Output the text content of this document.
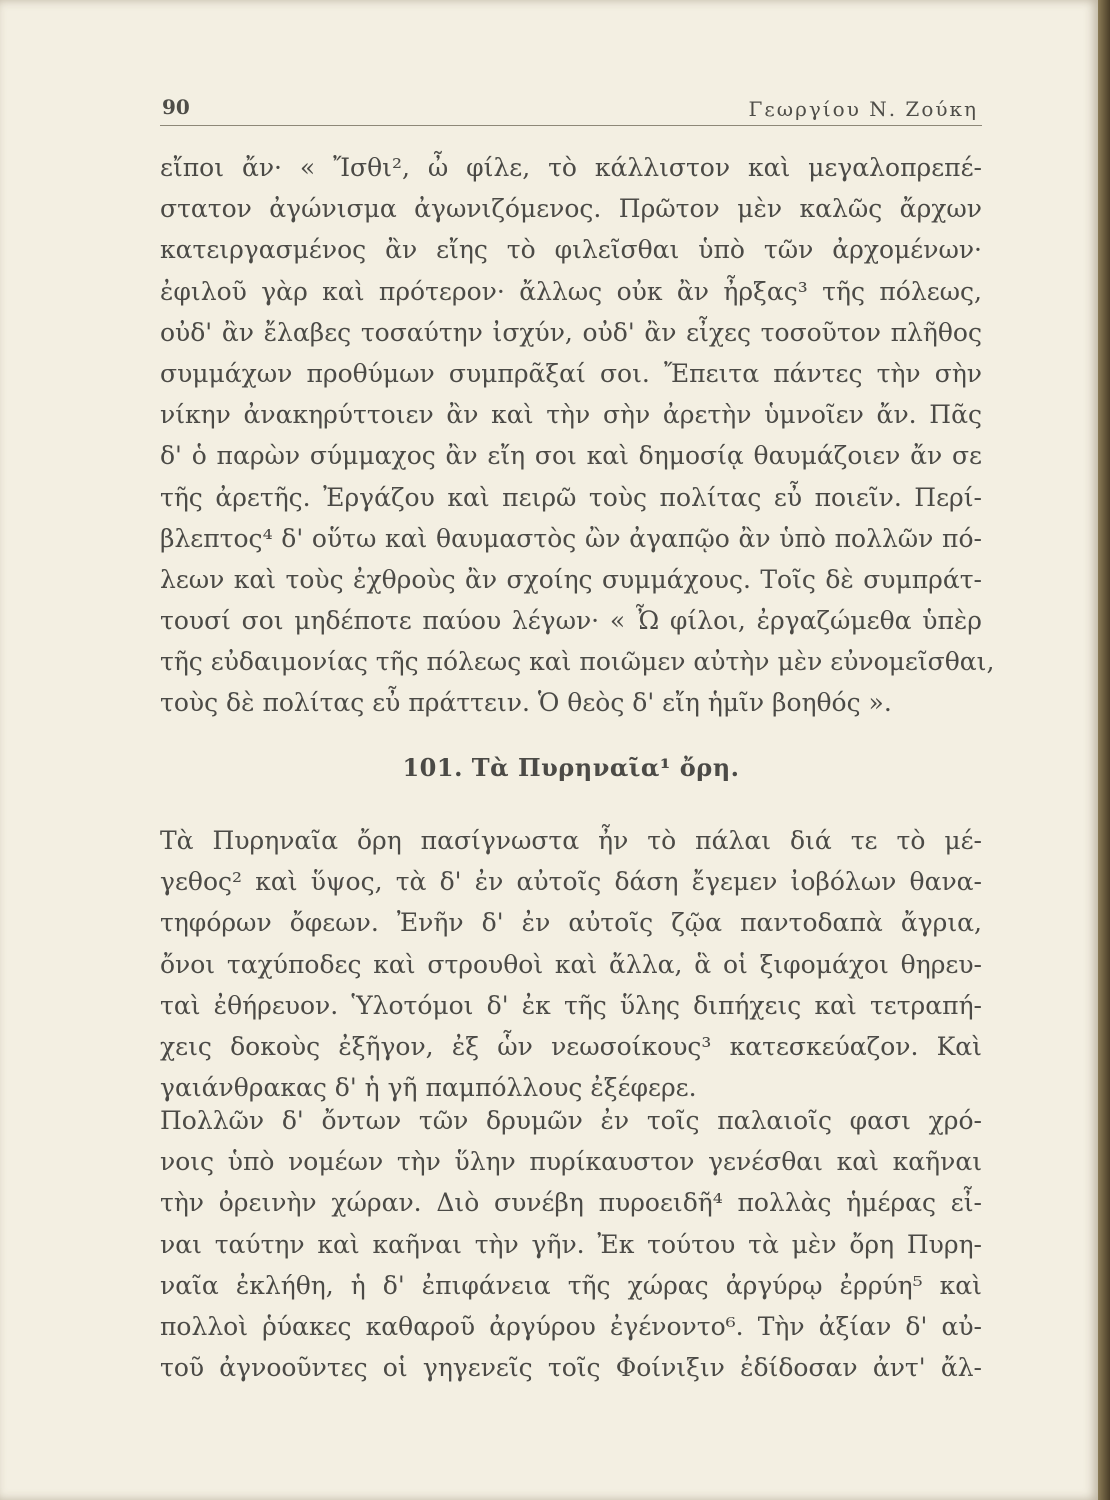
90	Γεωργίου Ν. Ζούκη
εἴποι ἄν· « Ἴσθι², ὦ φίλε, τὸ κάλλιστον καὶ μεγαλοπρεπέ-
στατον ἀγώνισμα ἀγωνιζόμενος. Πρῶτον μὲν καλῶς ἄρχων
κατειργασμένος ἂν εἴης τὸ φιλεῖσθαι ὑπὸ τῶν ἀρχομένων·
ἐφιλοῦ γὰρ καὶ πρότερον· ἄλλως οὐκ ἂν ἦρξας³ τῆς πόλεως,
οὐδ' ἂν ἔλαβες τοσαύτην ἰσχύν, οὐδ' ἂν εἶχες τοσοῦτον πλῆθος
συμμάχων προθύμων συμπρᾶξαί σοι. Ἔπειτα πάντες τὴν σὴν
νίκην ἀνακηρύττοιεν ἂν καὶ τὴν σὴν ἀρετὴν ὑμνοῖεν ἄν. Πᾶς
δ' ὁ παρὼν σύμμαχος ἂν εἴη σοι καὶ δημοσίᾳ θαυμάζοιεν ἄν σε
τῆς ἀρετῆς. Ἐργάζου καὶ πειρῶ τοὺς πολίτας εὖ ποιεῖν. Περί-
βλεπτος⁴ δ' οὕτω καὶ θαυμαστὸς ὢν ἀγαπῷο ἂν ὑπὸ πολλῶν πό-
λεων καὶ τοὺς ἐχθροὺς ἂν σχοίης συμμάχους. Τοῖς δὲ συμπράτ-
τουσί σοι μηδέποτε παύου λέγων· « Ὦ φίλοι, ἐργαζώμεθα ὑπὲρ
τῆς εὐδαιμονίας τῆς πόλεως καὶ ποιῶμεν αὐτὴν μὲν εὐνομεῖσθαι,
τοὺς δὲ πολίτας εὖ πράττειν. Ὁ θεὸς δ' εἴη ἡμῖν βοηθός ».
101. Τὰ Πυρηναῖα¹ ὄρη.
Τὰ Πυρηναῖα ὄρη πασίγνωστα ἦν τὸ πάλαι διά τε τὸ μέ-
γεθος² καὶ ὕψος, τὰ δ' ἐν αὐτοῖς δάση ἔγεμεν ἰοβόλων θανα-
τηφόρων ὄφεων. Ἐνῆν δ' ἐν αὐτοῖς ζῷα παντοδαπὰ ἄγρια,
ὄνοι ταχύποδες καὶ στρουθοὶ καὶ ἄλλα, ἃ οἱ ξιφομάχοι θηρευ-
ταὶ ἐθήρευον. Ὑλοτόμοι δ' ἐκ τῆς ὕλης διπήχεις καὶ τετραπή-
χεις δοκοὺς ἐξῆγον, ἐξ ὧν νεωσοίκους³ κατεσκεύαζον. Καὶ
γαιάνθρακας δ' ἡ γῆ παμπόλλους ἐξέφερε.
Πολλῶν δ' ὄντων τῶν δρυμῶν ἐν τοῖς παλαιοῖς φασι χρό-
νοις ὑπὸ νομέων τὴν ὕλην πυρίκαυστον γενέσθαι καὶ καῆναι
τὴν ὀρεινὴν χώραν. Διὸ συνέβη πυροειδῆ⁴ πολλὰς ἡμέρας εἶ-
ναι ταύτην καὶ καῆναι τὴν γῆν. Ἐκ τούτου τὰ μὲν ὄρη Πυρη-
ναῖα ἐκλήθη, ἡ δ' ἐπιφάνεια τῆς χώρας ἀργύρῳ ἐρρύη⁵ καὶ
πολλοὶ ῥύακες καθαροῦ ἀργύρου ἐγένοντο⁶. Τὴν ἀξίαν δ' αὐ-
τοῦ ἀγνοοῦντες οἱ γηγενεῖς τοῖς Φοίνιξιν ἐδίδοσαν ἀντ' ἄλ-
